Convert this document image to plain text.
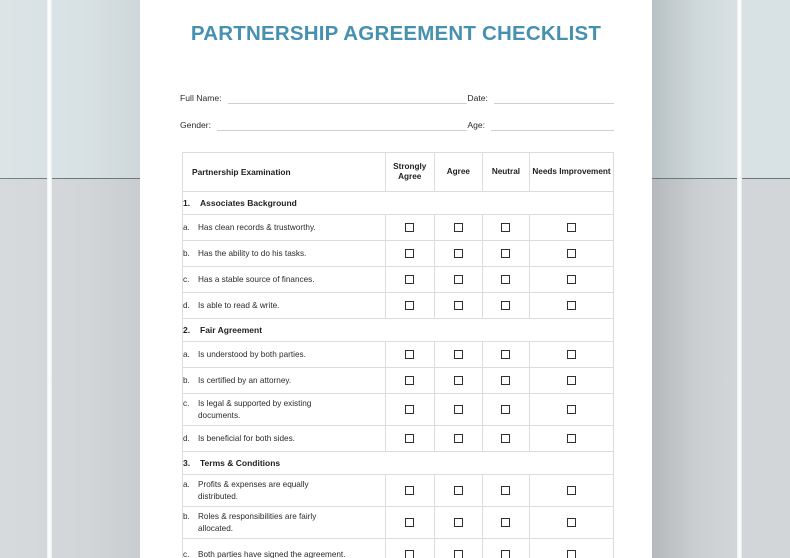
PARTNERSHIP AGREEMENT CHECKLIST
Full Name:	Date:
Gender:	Age:
Partnership Examination	Strongly Agree	Agree	Neutral	Needs Improvement
1. Associates Background				
a. Has clean records & trustworthy.				
b. Has the ability to do his tasks.				
c. Has a stable source of finances.				
d. Is able to read & write.				
2. Fair Agreement				
a. Is understood by both parties.				
b. Is certified by an attorney.				
c. Is legal & supported by existing documents.				
d. Is beneficial for both sides.				
3. Terms & Conditions				
a. Profits & expenses are equally distributed.				
b. Roles & responsibilities are fairly allocated.				
c. Both parties have signed the agreement.				
